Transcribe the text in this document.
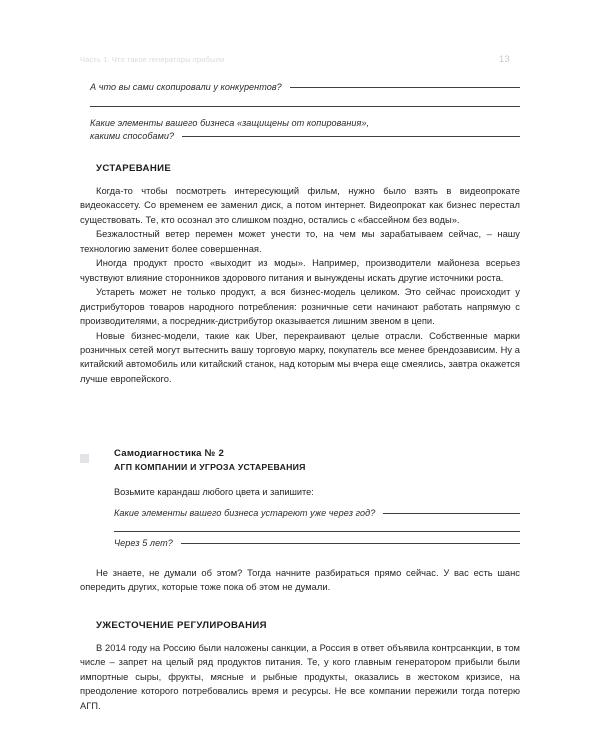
Часть 1. Что такое генераторы прибыли	13
А что вы сами скопировали у конкурентов?
Какие элементы вашего бизнеса «защищены от копирования»,
какими способами?
УСТАРЕВАНИЕ

Когда-то чтобы посмотреть интересующий фильм, нужно было взять в видеопрокате видеокассету. Со временем ее заменил диск, а потом интернет. Видеопрокат как бизнес перестал существовать. Те, кто осознал это слишком поздно, остались с «бассейном без воды».

Безжалостный ветер перемен может унести то, на чем мы зарабатываем сейчас, – нашу технологию заменит более совершенная.

Иногда продукт просто «выходит из моды». Например, производители майонеза всерьез чувствуют влияние сторонников здорового питания и вынуждены искать другие источники роста.

Устареть может не только продукт, а вся бизнес-модель целиком. Это сейчас происходит у дистрибуторов товаров народного потребления: розничные сети начинают работать напрямую с производителями, а посредник-дистрибутор оказывается лишним звеном в цепи.

Новые бизнес-модели, такие как Uber, перекраивают целые отрасли. Собственные марки розничных сетей могут вытеснить вашу торговую марку, покупатель все менее брендозависим. Ну а китайский автомобиль или китайский станок, над которым мы вчера еще смеялись, завтра окажется лучше европейского.

Самодиагностика № 2
АГП КОМПАНИИ И УГРОЗА УСТАРЕВАНИЯ
Возьмите карандаш любого цвета и запишите:
Какие элементы вашего бизнеса устареют уже через год?
Через 5 лет?

Не знаете, не думали об этом? Тогда начните разбираться прямо сейчас. У вас есть шанс опередить других, которые тоже пока об этом не думали.

УЖЕСТОЧЕНИЕ РЕГУЛИРОВАНИЯ

В 2014 году на Россию были наложены санкции, а Россия в ответ объявила контрсанкции, в том числе – запрет на целый ряд продуктов питания. Те, у кого главным генератором прибыли были импортные сыры, фрукты, мясные и рыбные продукты, оказались в жестоком кризисе, на преодоление которого потребовались время и ресурсы. Не все компании пережили тогда потерю АГП.
